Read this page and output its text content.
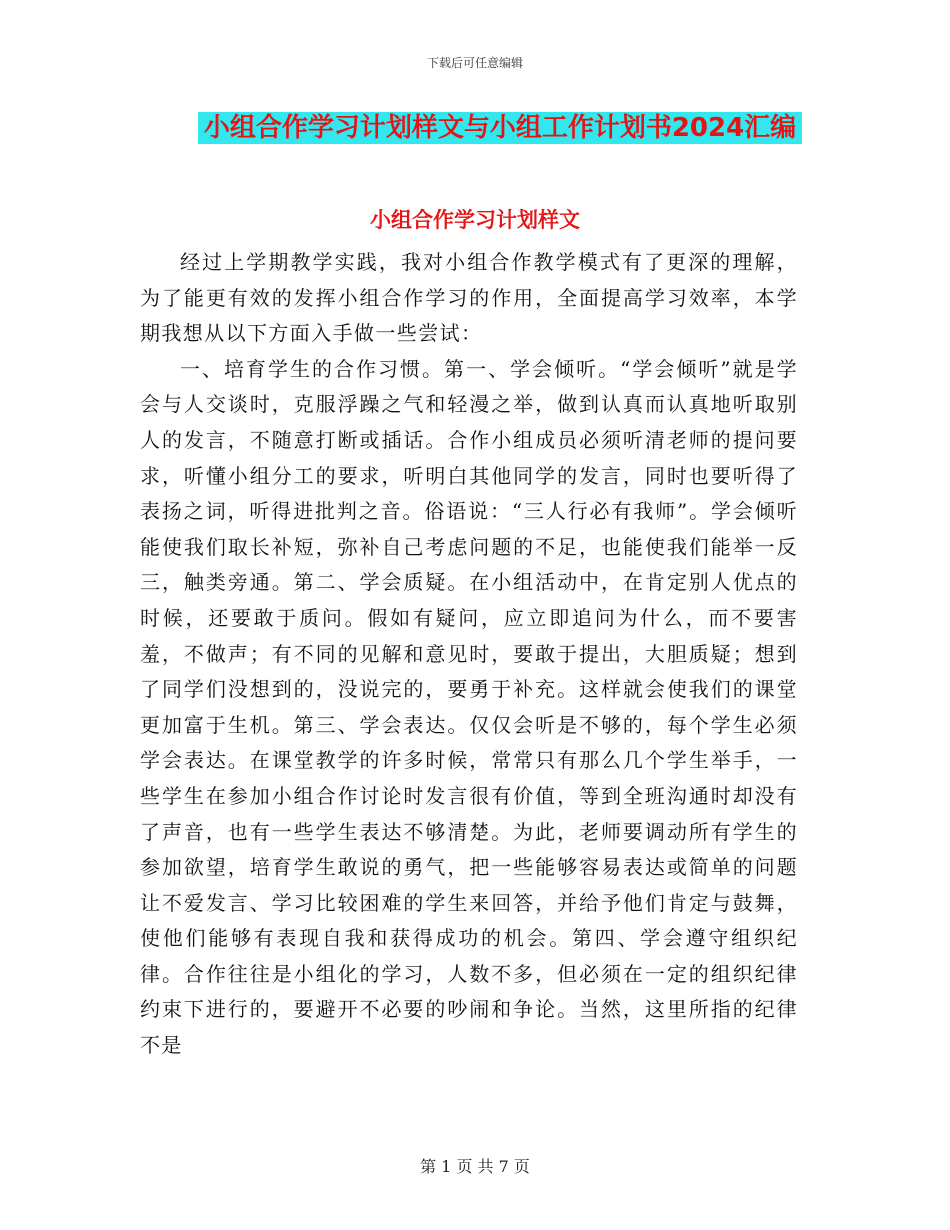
下载后可任意编辑
小组合作学习计划样文与小组工作计划书2024汇编
小组合作学习计划样文

经过上学期教学实践，我对小组合作教学模式有了更深的理解，为了能更有效的发挥小组合作学习的作用，全面提高学习效率，本学期我想从以下方面入手做一些尝试：

一、培育学生的合作习惯。第一、学会倾听。“学会倾听”就是学会与人交谈时，克服浮躁之气和轻漫之举，做到认真而认真地听取别人的发言，不随意打断或插话。合作小组成员必须听清老师的提问要求，听懂小组分工的要求，听明白其他同学的发言，同时也要听得了表扬之词，听得进批判之音。俗语说：“三人行必有我师”。学会倾听能使我们取长补短，弥补自己考虑问题的不足，也能使我们能举一反三，触类旁通。第二、学会质疑。在小组活动中，在肯定别人优点的时候，还要敢于质问。假如有疑问，应立即追问为什么，而不要害羞，不做声；有不同的见解和意见时，要敢于提出，大胆质疑；想到了同学们没想到的，没说完的，要勇于补充。这样就会使我们的课堂更加富于生机。第三、学会表达。仅仅会听是不够的，每个学生必须学会表达。在课堂教学的许多时候，常常只有那么几个学生举手，一些学生在参加小组合作讨论时发言很有价值，等到全班沟通时却没有了声音，也有一些学生表达不够清楚。为此，老师要调动所有学生的参加欲望，培育学生敢说的勇气，把一些能够容易表达或简单的问题让不爱发言、学习比较困难的学生来回答，并给予他们肯定与鼓舞，使他们能够有表现自我和获得成功的机会。第四、学会遵守组织纪律。合作往往是小组化的学习，人数不多，但必须在一定的组织纪律约束下进行的，要避开不必要的吵闹和争论。当然，这里所指的纪律不是

第 1 页 共 7 页
